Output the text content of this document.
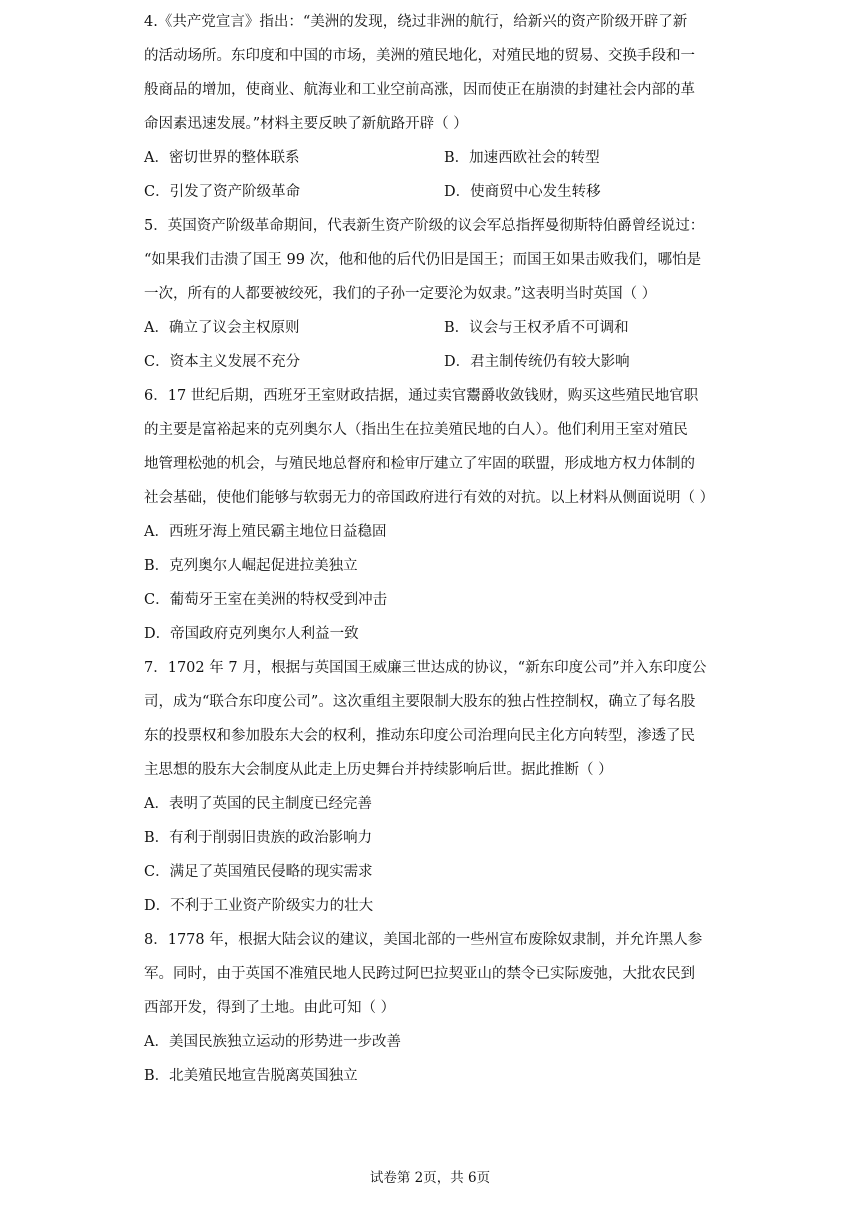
4.《共产党宣言》指出：“美洲的发现，绕过非洲的航行，给新兴的资产阶级开辟了新
的活动场所。东印度和中国的市场，美洲的殖民地化，对殖民地的贸易、交换手段和一
般商品的增加，使商业、航海业和工业空前高涨，因而使正在崩溃的封建社会内部的革
命因素迅速发展。”材料主要反映了新航路开辟（ ）
A．密切世界的整体联系	B．加速西欧社会的转型
C．引发了资产阶级革命	D．使商贸中心发生转移
5．英国资产阶级革命期间，代表新生资产阶级的议会军总指挥曼彻斯特伯爵曾经说过：
“如果我们击溃了国王 99 次，他和他的后代仍旧是国王；而国王如果击败我们，哪怕是
一次，所有的人都要被绞死，我们的子孙一定要沦为奴隶。”这表明当时英国（ ）
A．确立了议会主权原则	B．议会与王权矛盾不可调和
C．资本主义发展不充分	D．君主制传统仍有较大影响
6．17 世纪后期，西班牙王室财政拮据，通过卖官鬻爵收敛钱财，购买这些殖民地官职
的主要是富裕起来的克列奥尔人（指出生在拉美殖民地的白人）。他们利用王室对殖民
地管理松弛的机会，与殖民地总督府和检审厅建立了牢固的联盟，形成地方权力体制的
社会基础，使他们能够与软弱无力的帝国政府进行有效的对抗。以上材料从侧面说明（ ）
A．西班牙海上殖民霸主地位日益稳固
B．克列奥尔人崛起促进拉美独立
C．葡萄牙王室在美洲的特权受到冲击
D．帝国政府克列奥尔人利益一致
7．1702 年 7 月，根据与英国国王威廉三世达成的协议，“新东印度公司”并入东印度公
司，成为“联合东印度公司”。这次重组主要限制大股东的独占性控制权，确立了每名股
东的投票权和参加股东大会的权利，推动东印度公司治理向民主化方向转型，渗透了民
主思想的股东大会制度从此走上历史舞台并持续影响后世。据此推断（ ）
A．表明了英国的民主制度已经完善
B．有利于削弱旧贵族的政治影响力
C．满足了英国殖民侵略的现实需求
D．不利于工业资产阶级实力的壮大
8．1778 年，根据大陆会议的建议，美国北部的一些州宣布废除奴隶制，并允许黑人参
军。同时，由于英国不准殖民地人民跨过阿巴拉契亚山的禁令已实际废弛，大批农民到
西部开发，得到了土地。由此可知（ ）
A．美国民族独立运动的形势进一步改善
B．北美殖民地宣告脱离英国独立
试卷第 2页，共 6页
